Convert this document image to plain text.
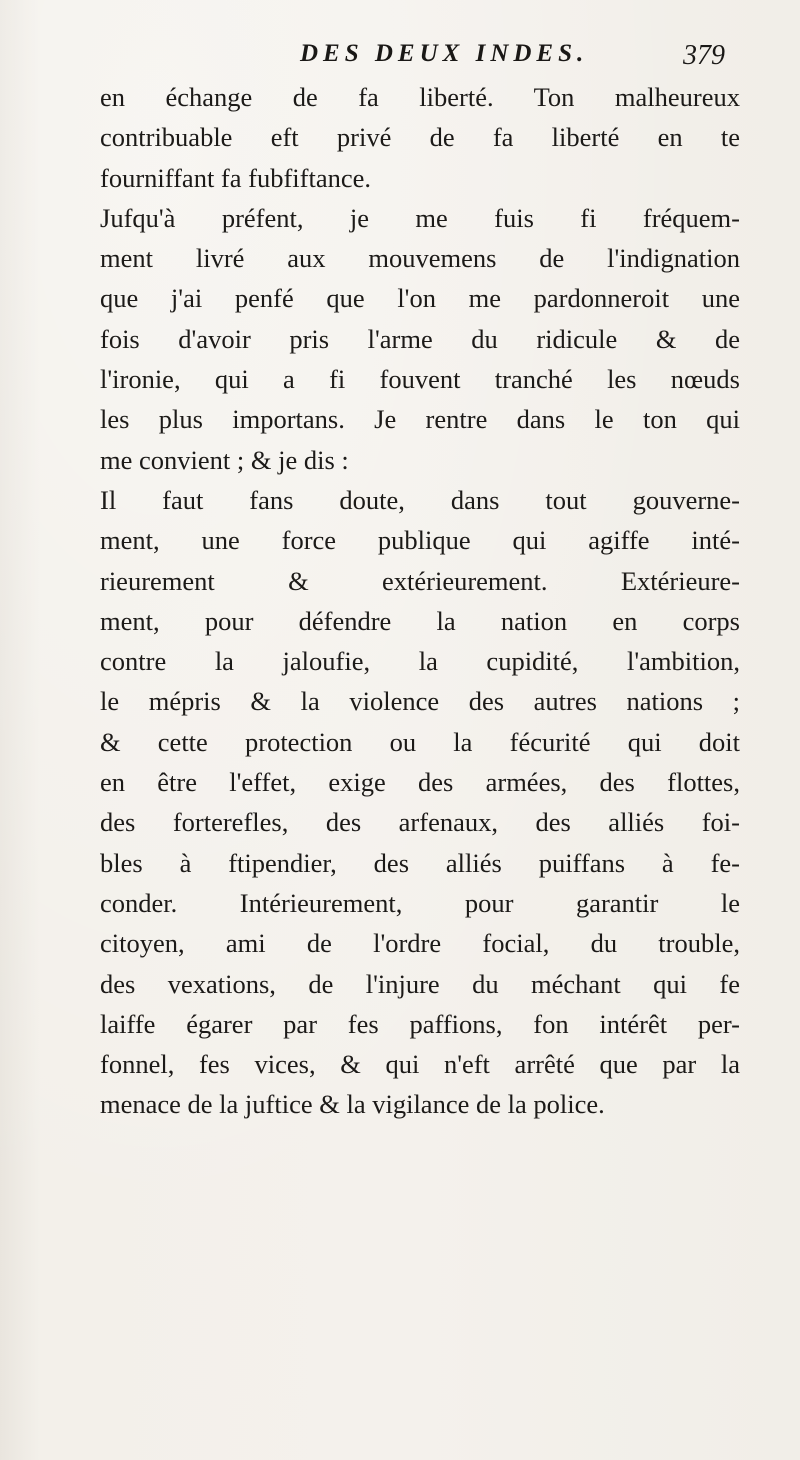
DES DEUX INDES.	379
en échange de fa liberté. Ton malheureux
contribuable eft privé de fa liberté en te
fourniffant fa fubfiftance.
Jufqu'à préfent, je me fuis fi fréquem-
ment livré aux mouvemens de l'indignation
que j'ai penfé que l'on me pardonneroit une
fois d'avoir pris l'arme du ridicule & de
l'ironie, qui a fi fouvent tranché les nœuds
les plus importans. Je rentre dans le ton qui
me convient ; & je dis :
Il faut fans doute, dans tout gouverne-
ment, une force publique qui agiffe inté-
rieurement & extérieurement. Extérieure-
ment, pour défendre la nation en corps
contre la jaloufie, la cupidité, l'ambition,
le mépris & la violence des autres nations ;
& cette protection ou la fécurité qui doit
en être l'effet, exige des armées, des flottes,
des forterefles, des arfenaux, des alliés foi-
bles à ftipendier, des alliés puiffans à fe-
conder. Intérieurement, pour garantir le
citoyen, ami de l'ordre focial, du trouble,
des vexations, de l'injure du méchant qui fe
laiffe égarer par fes paffions, fon intérêt per-
fonnel, fes vices, & qui n'eft arrêté que par la
menace de la juftice & la vigilance de la police.
